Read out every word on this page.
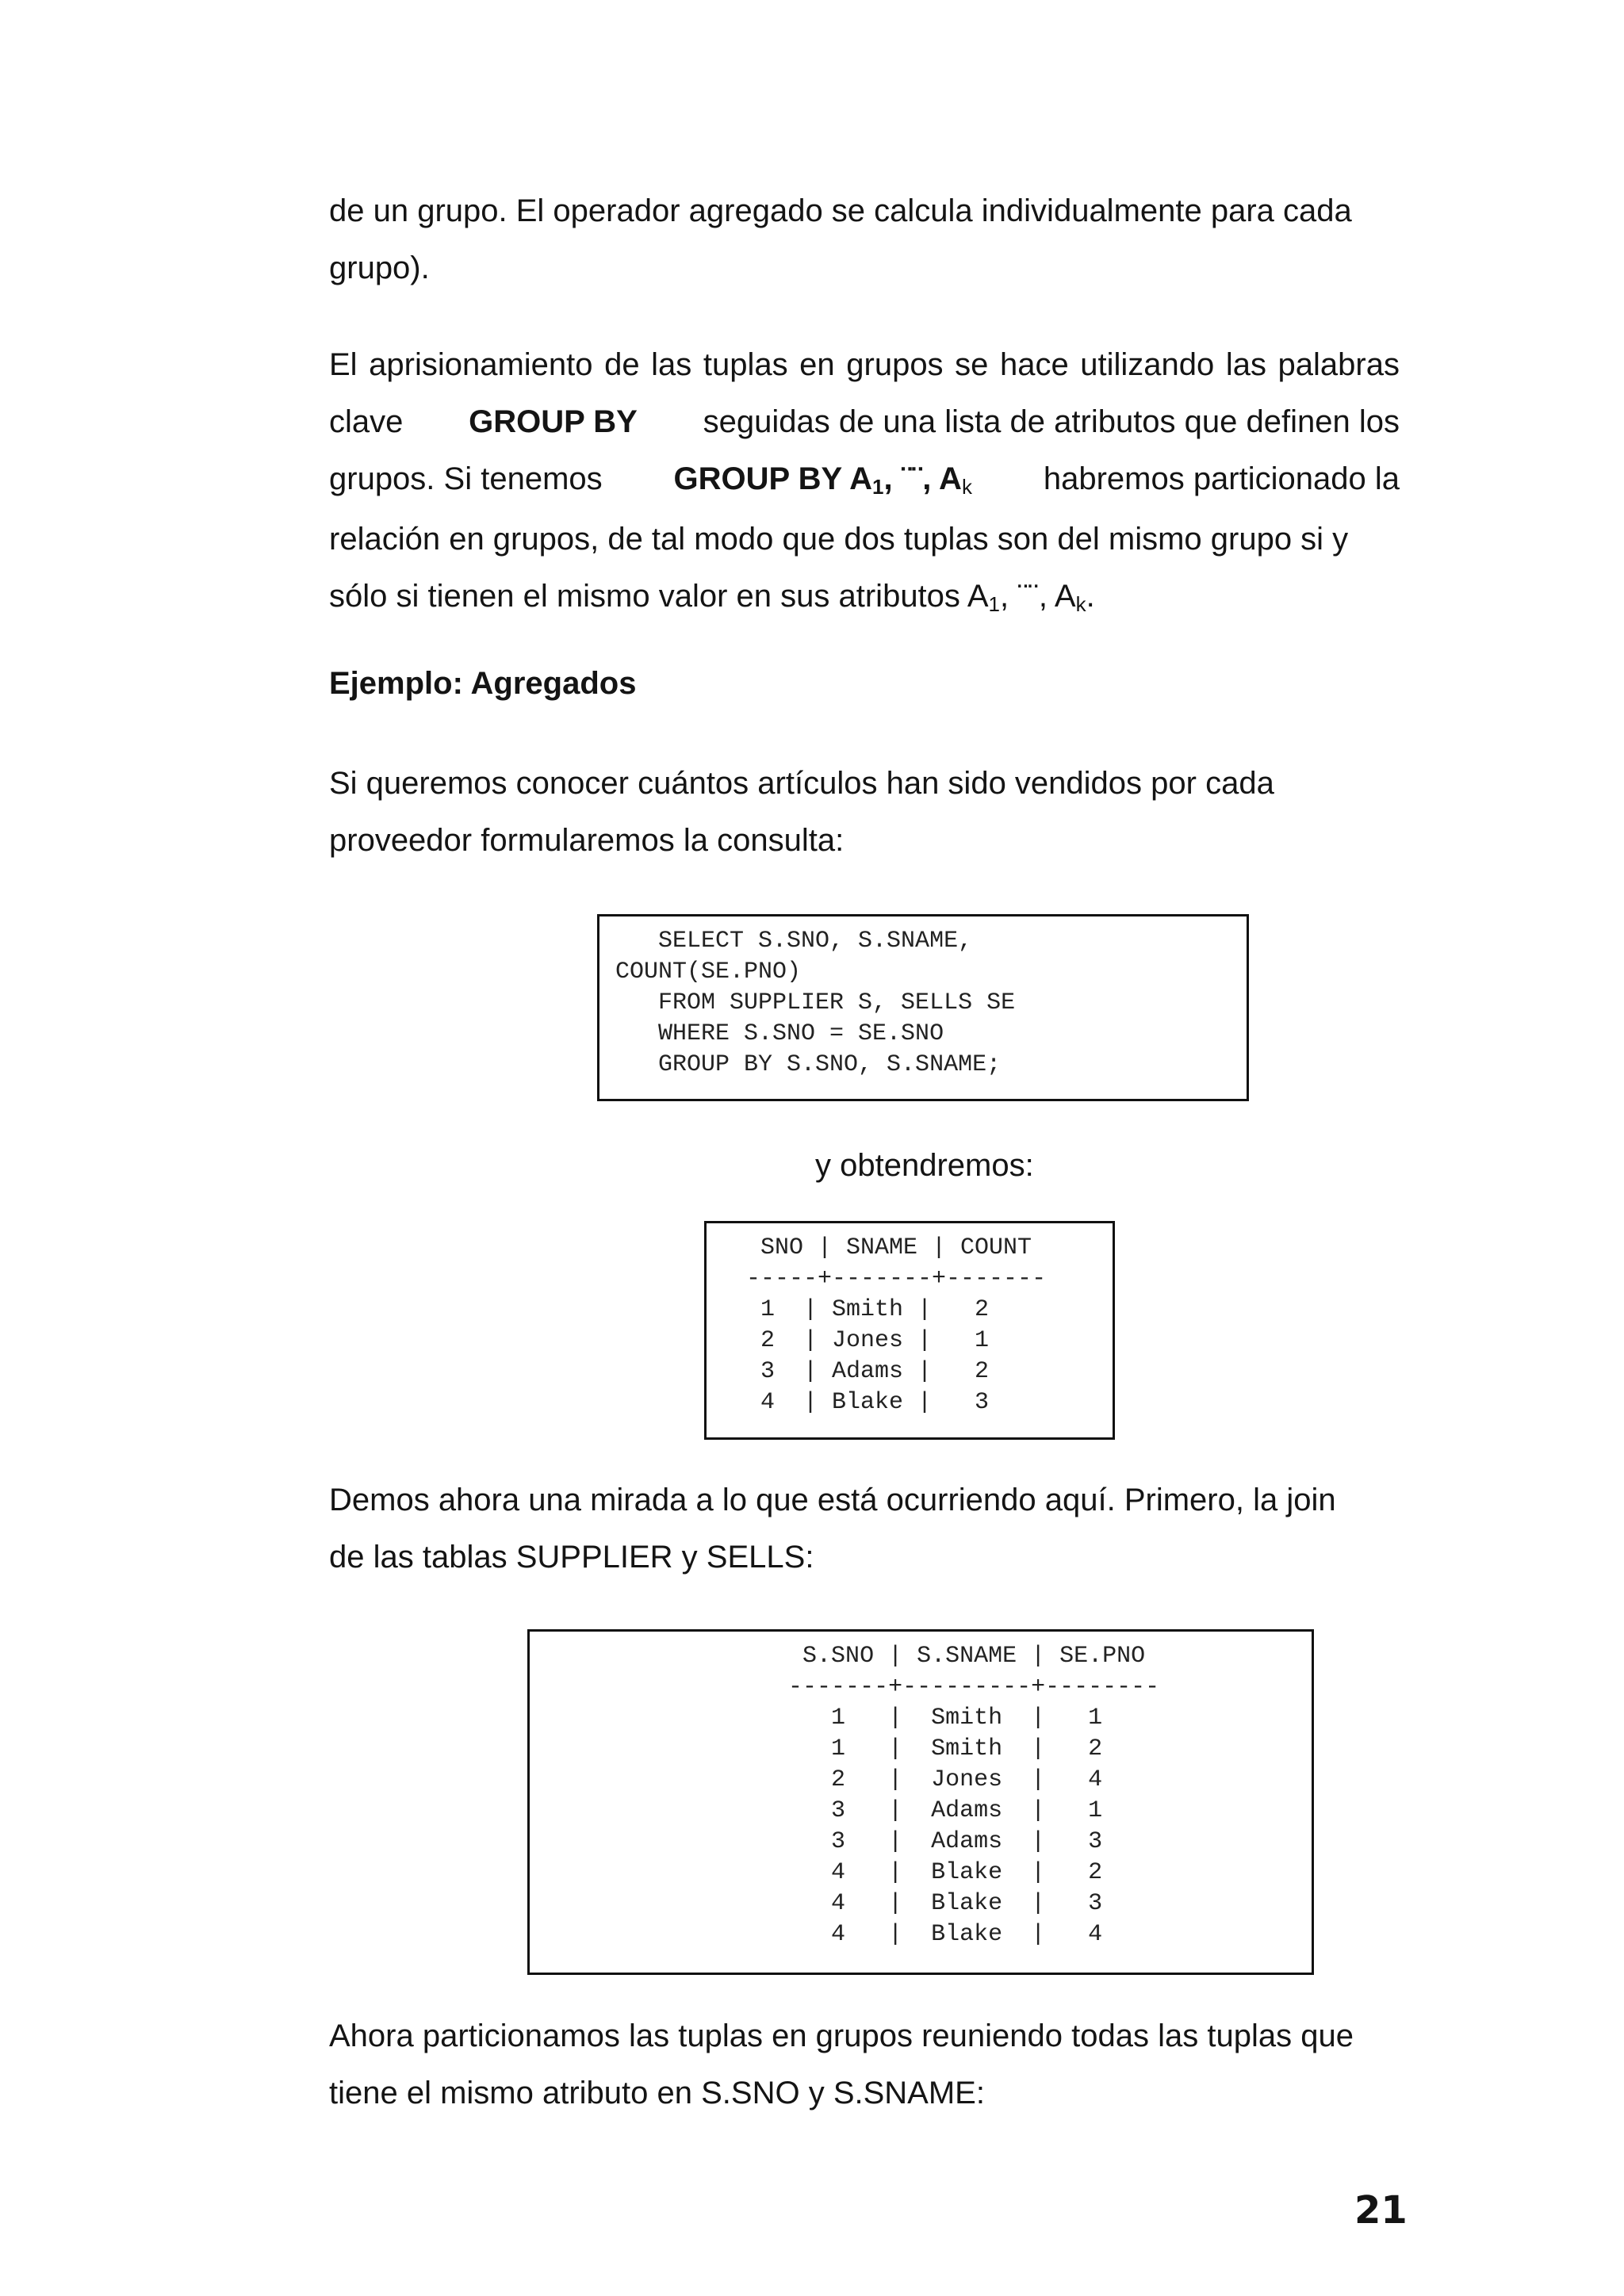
de un grupo. El operador agregado se calcula individualmente para cada
grupo).
El aprisionamiento de las tuplas en grupos se hace utilizando las palabras
clave GROUP BY seguidas de una lista de atributos que definen los
grupos. Si tenemos GROUP BY A1, ¨¨, Ak habremos particionado la
relación en grupos, de tal modo que dos tuplas son del mismo grupo si y
sólo si tienen el mismo valor en sus atributos A1, ¨¨, Ak.
Ejemplo: Agregados
Si queremos conocer cuántos artículos han sido vendidos por cada
proveedor formularemos la consulta:
SELECT S.SNO, S.SNAME,
COUNT(SE.PNO)
FROM SUPPLIER S, SELLS SE
WHERE S.SNO = SE.SNO
GROUP BY S.SNO, S.SNAME;
y obtendremos:
SNO | SNAME | COUNT
-----+-------+-------
1  | Smith |   2
2  | Jones |   1
3  | Adams |   2
4  | Blake |   3
Demos ahora una mirada a lo que está ocurriendo aquí. Primero, la join
de las tablas SUPPLIER y SELLS:
S.SNO | S.SNAME | SE.PNO
-------+---------+--------
1   |  Smith  |   1
1   |  Smith  |   2
2   |  Jones  |   4
3   |  Adams  |   1
3   |  Adams  |   3
4   |  Blake  |   2
4   |  Blake  |   3
4   |  Blake  |   4
Ahora particionamos las tuplas en grupos reuniendo todas las tuplas que
tiene el mismo atributo en S.SNO y S.SNAME:
21
